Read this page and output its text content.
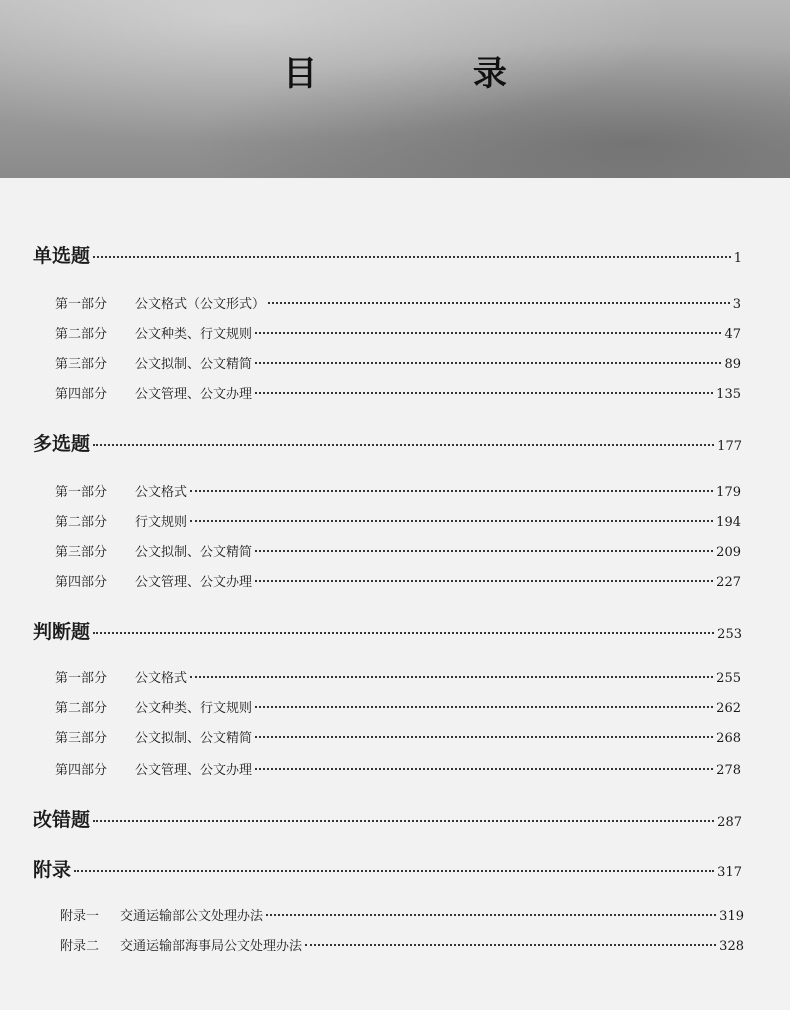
目 录
单选题	1
第一部分	公文格式（公文形式）	3
第二部分	公文种类、行文规则	47
第三部分	公文拟制、公文精简	89
第四部分	公文管理、公文办理	135
多选题	177
第一部分	公文格式	179
第二部分	行文规则	194
第三部分	公文拟制、公文精简	209
第四部分	公文管理、公文办理	227
判断题	253
第一部分	公文格式	255
第二部分	公文种类、行文规则	262
第三部分	公文拟制、公文精简	268
第四部分	公文管理、公文办理	278
改错题	287
附录	317
附录一	交通运输部公文处理办法	319
附录二	交通运输部海事局公文处理办法	328
